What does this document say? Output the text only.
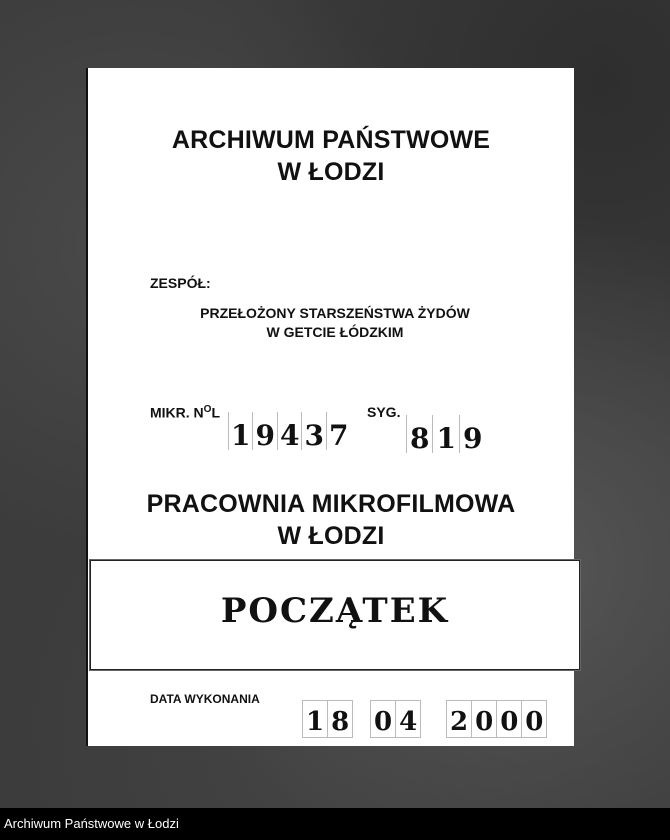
ARCHIWUM PAŃSTWOWE
W ŁODZI
ZESPÓŁ:
PRZEŁOŻONY STARSZEŃSTWA ŻYDÓW
W GETCIE ŁÓDZKIM
MIKR. $N^OL$
1 9 4 3 7
SYG.
8 1 9
PRACOWNIA MIKROFILMOWA
W ŁODZI
DATA WYKONANIA
1 8 0 4 2 0 0 0
POCZĄTEK
Archiwum Państwowe w Łodzi
